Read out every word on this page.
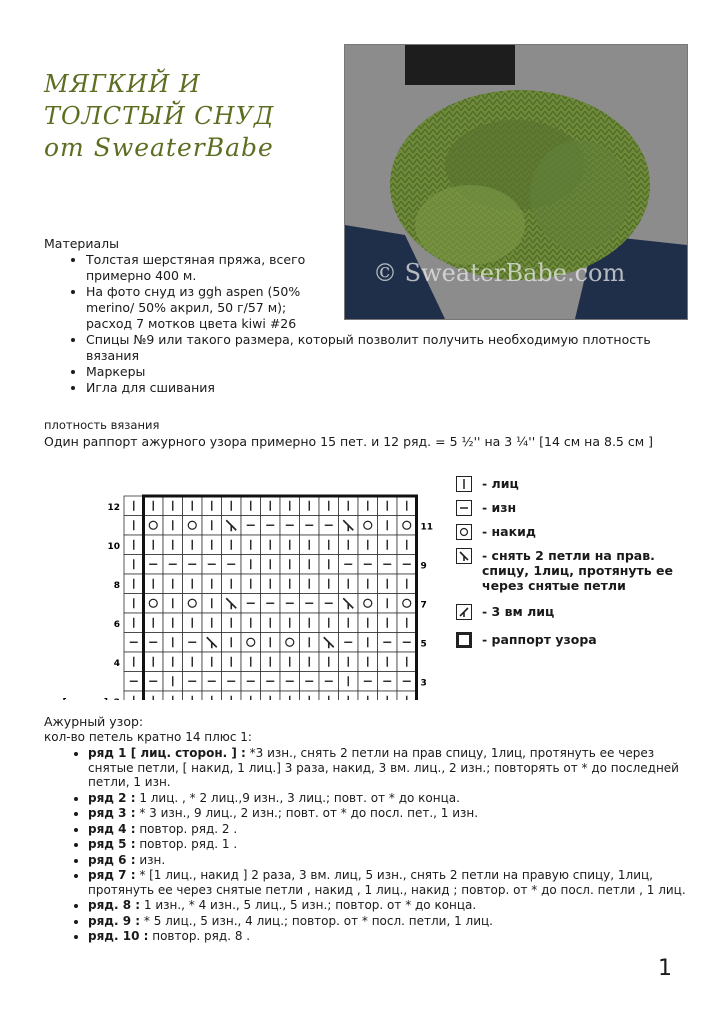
МЯГКИЙ И
ТОЛСТЫЙ СНУД
от SweaterBabe
© SweaterBabe.com
Материалы
• Толстая шерстяная пряжа, всего примерно 400 м.
• На фото снуд из ggh aspen (50% merino/ 50% акрил, 50 г/57 м); расход 7 мотков цвета kiwi #26
• Спицы №9 или такого размера, который позволит получить необходимую плотность вязания
• Маркеры
• Игла для сшивания
плотность вязания
Один раппорт ажурного узора примерно 15 пет. и 12 ряд. = 5 ½'' на 3 ¼'' [14 см на 8.5 см ]
12
10
8
6
4
11
9
7
5
3
- лиц
- изн
- накид
- снять 2 петли на прав. спицу, 1лиц, протянуть ее через снятые петли
- 3 вм лиц
- раппорт узора
Ажурный узор:
кол-во петель кратно 14 плюс 1:
• ряд 1 [ лиц. сторон. ] : *3 изн., снять 2 петли на прав спицу, 1лиц, протянуть ее через снятые петли, [ накид, 1 лиц.] 3 раза, накид, 3 вм. лиц., 2 изн.; повторять от * до последней петли, 1 изн.
• ряд 2 : 1 лиц. , * 2 лиц.,9 изн., 3 лиц.; повт. от * до конца.
• ряд 3 : * 3 изн., 9 лиц., 2 изн.; повт. от * до посл. пет., 1 изн.
• ряд 4 : повтор. ряд. 2 .
• ряд 5 : повтор. ряд. 1 .
• ряд 6 : изн.
• ряд 7 : * [1 лиц., накид ] 2 раза, 3 вм. лиц, 5 изн., снять 2 петли на правую спицу, 1лиц, протянуть ее через снятые петли , накид , 1 лиц., накид ; повтор. от * до посл. петли , 1 лиц.
• ряд. 8 : 1 изн., * 4 изн., 5 лиц., 5 изн.; повтор. от * до конца.
• ряд. 9 : * 5 лиц., 5 изн., 4 лиц.; повтор. от * посл. петли, 1 лиц.
• ряд. 10 : повтор. ряд. 8 .
1
